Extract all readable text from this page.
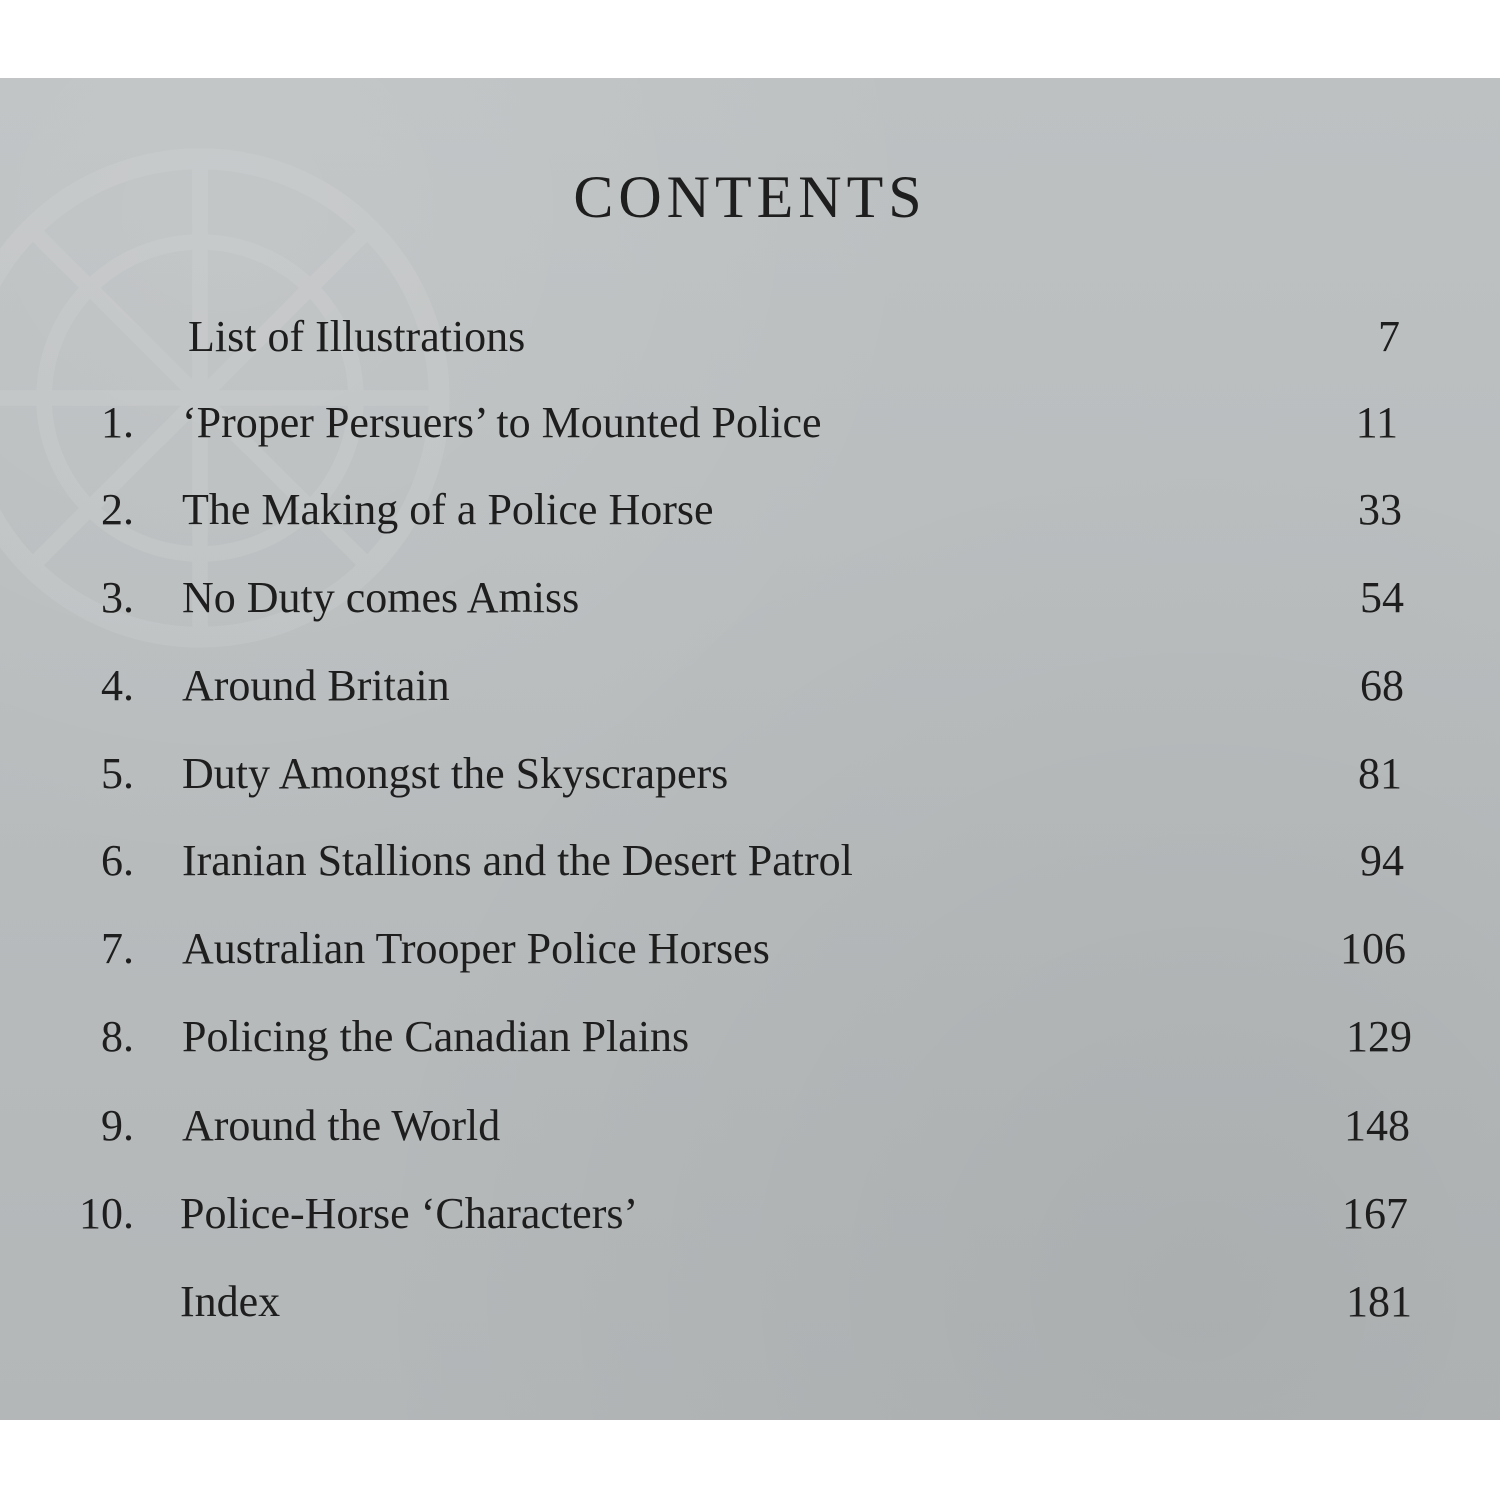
CONTENTS
List of Illustrations	7
1. ‘Proper Persuers’ to Mounted Police	11
2. The Making of a Police Horse	33
3. No Duty comes Amiss	54
4. Around Britain	68
5. Duty Amongst the Skyscrapers	81
6. Iranian Stallions and the Desert Patrol	94
7. Australian Trooper Police Horses	106
8. Policing the Canadian Plains	129
9. Around the World	148
10. Police-Horse ‘Characters’	167
Index	181
